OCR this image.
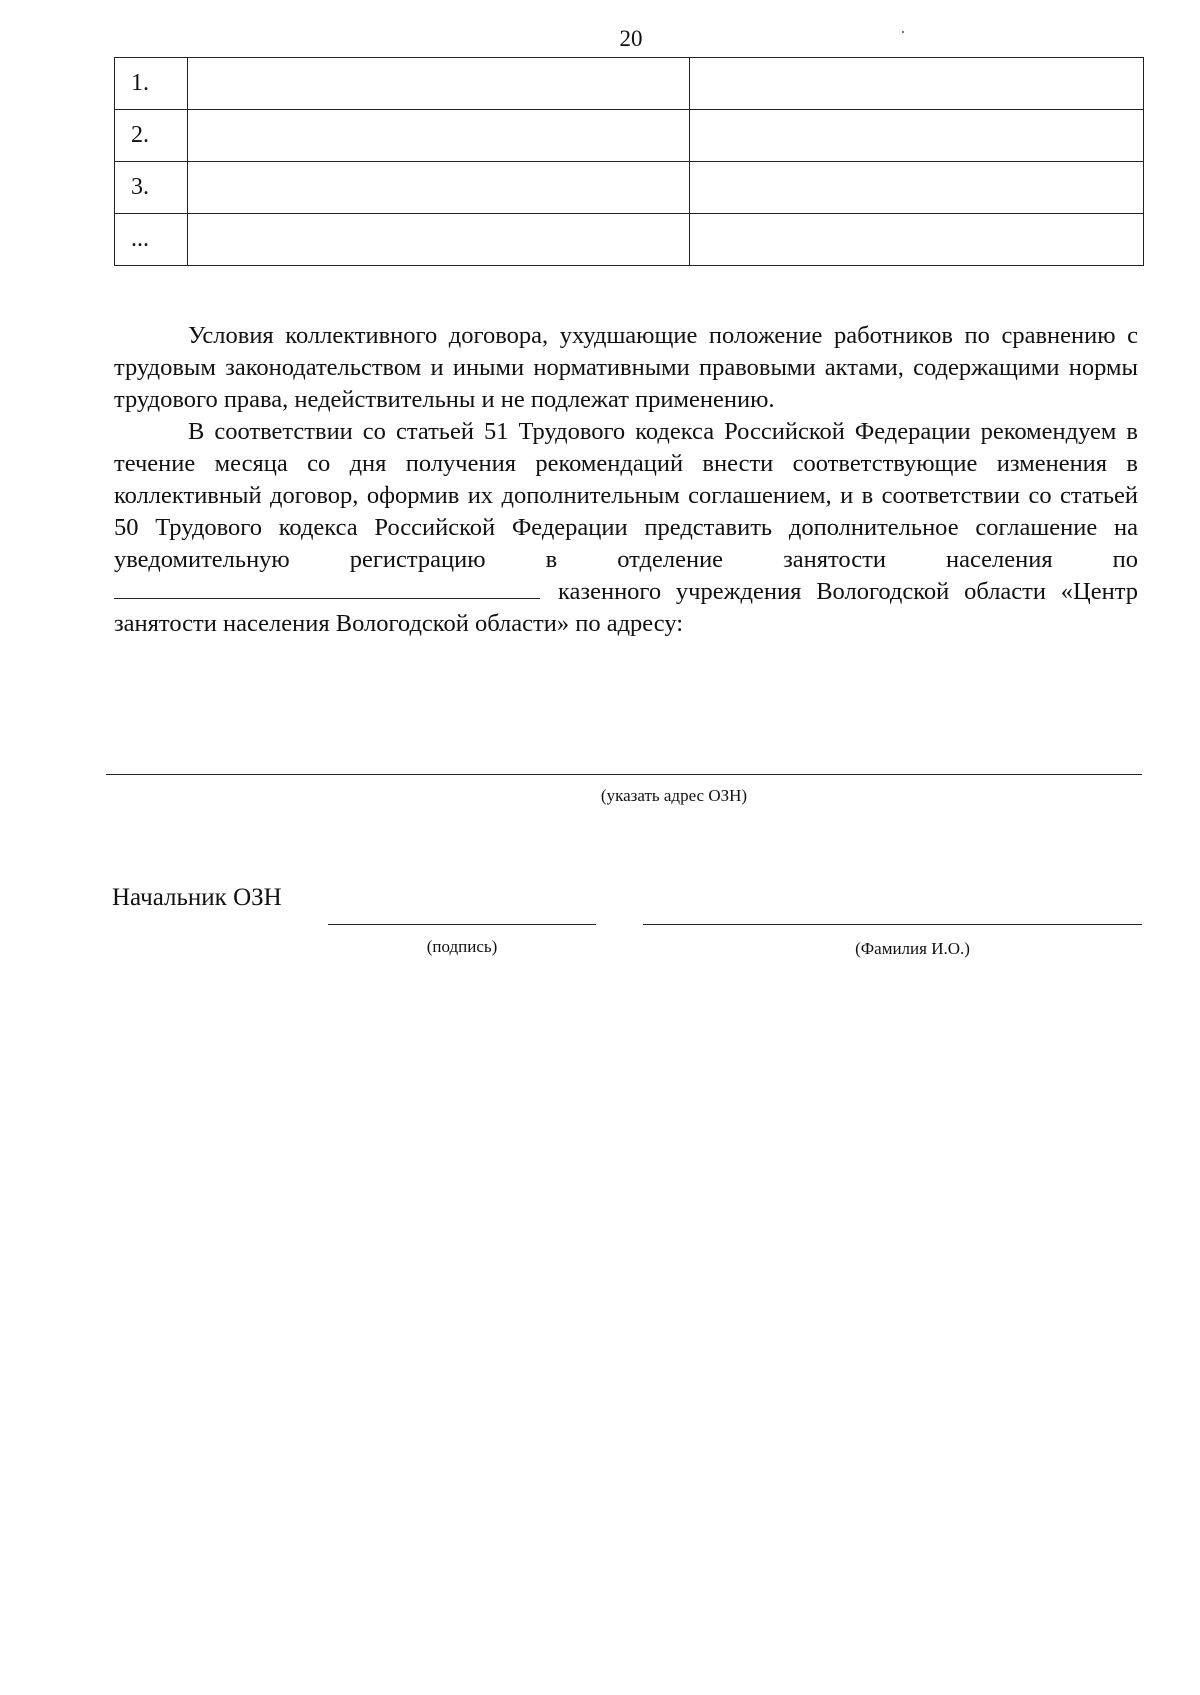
20
1.		
2.		
3.		
...		

Условия коллективного договора, ухудшающие положение работников по сравнению с трудовым законодательством и иными нормативными правовыми актами, содержащими нормы трудового права, недействительны и не подлежат применению.

В соответствии со статьей 51 Трудового кодекса Российской Федерации рекомендуем в течение месяца со дня получения рекомендаций внести соответствующие изменения в коллективный договор, оформив их дополнительным соглашением, и в соответствии со статьей 50 Трудового кодекса Российской Федерации представить дополнительное соглашение на уведомительную регистрацию в отделение занятости населения по казенного учреждения Вологодской области «Центр занятости населения Вологодской области» по адресу:

(указать адрес ОЗН)
Начальник ОЗН
(подпись)	(Фамилия И.О.)
